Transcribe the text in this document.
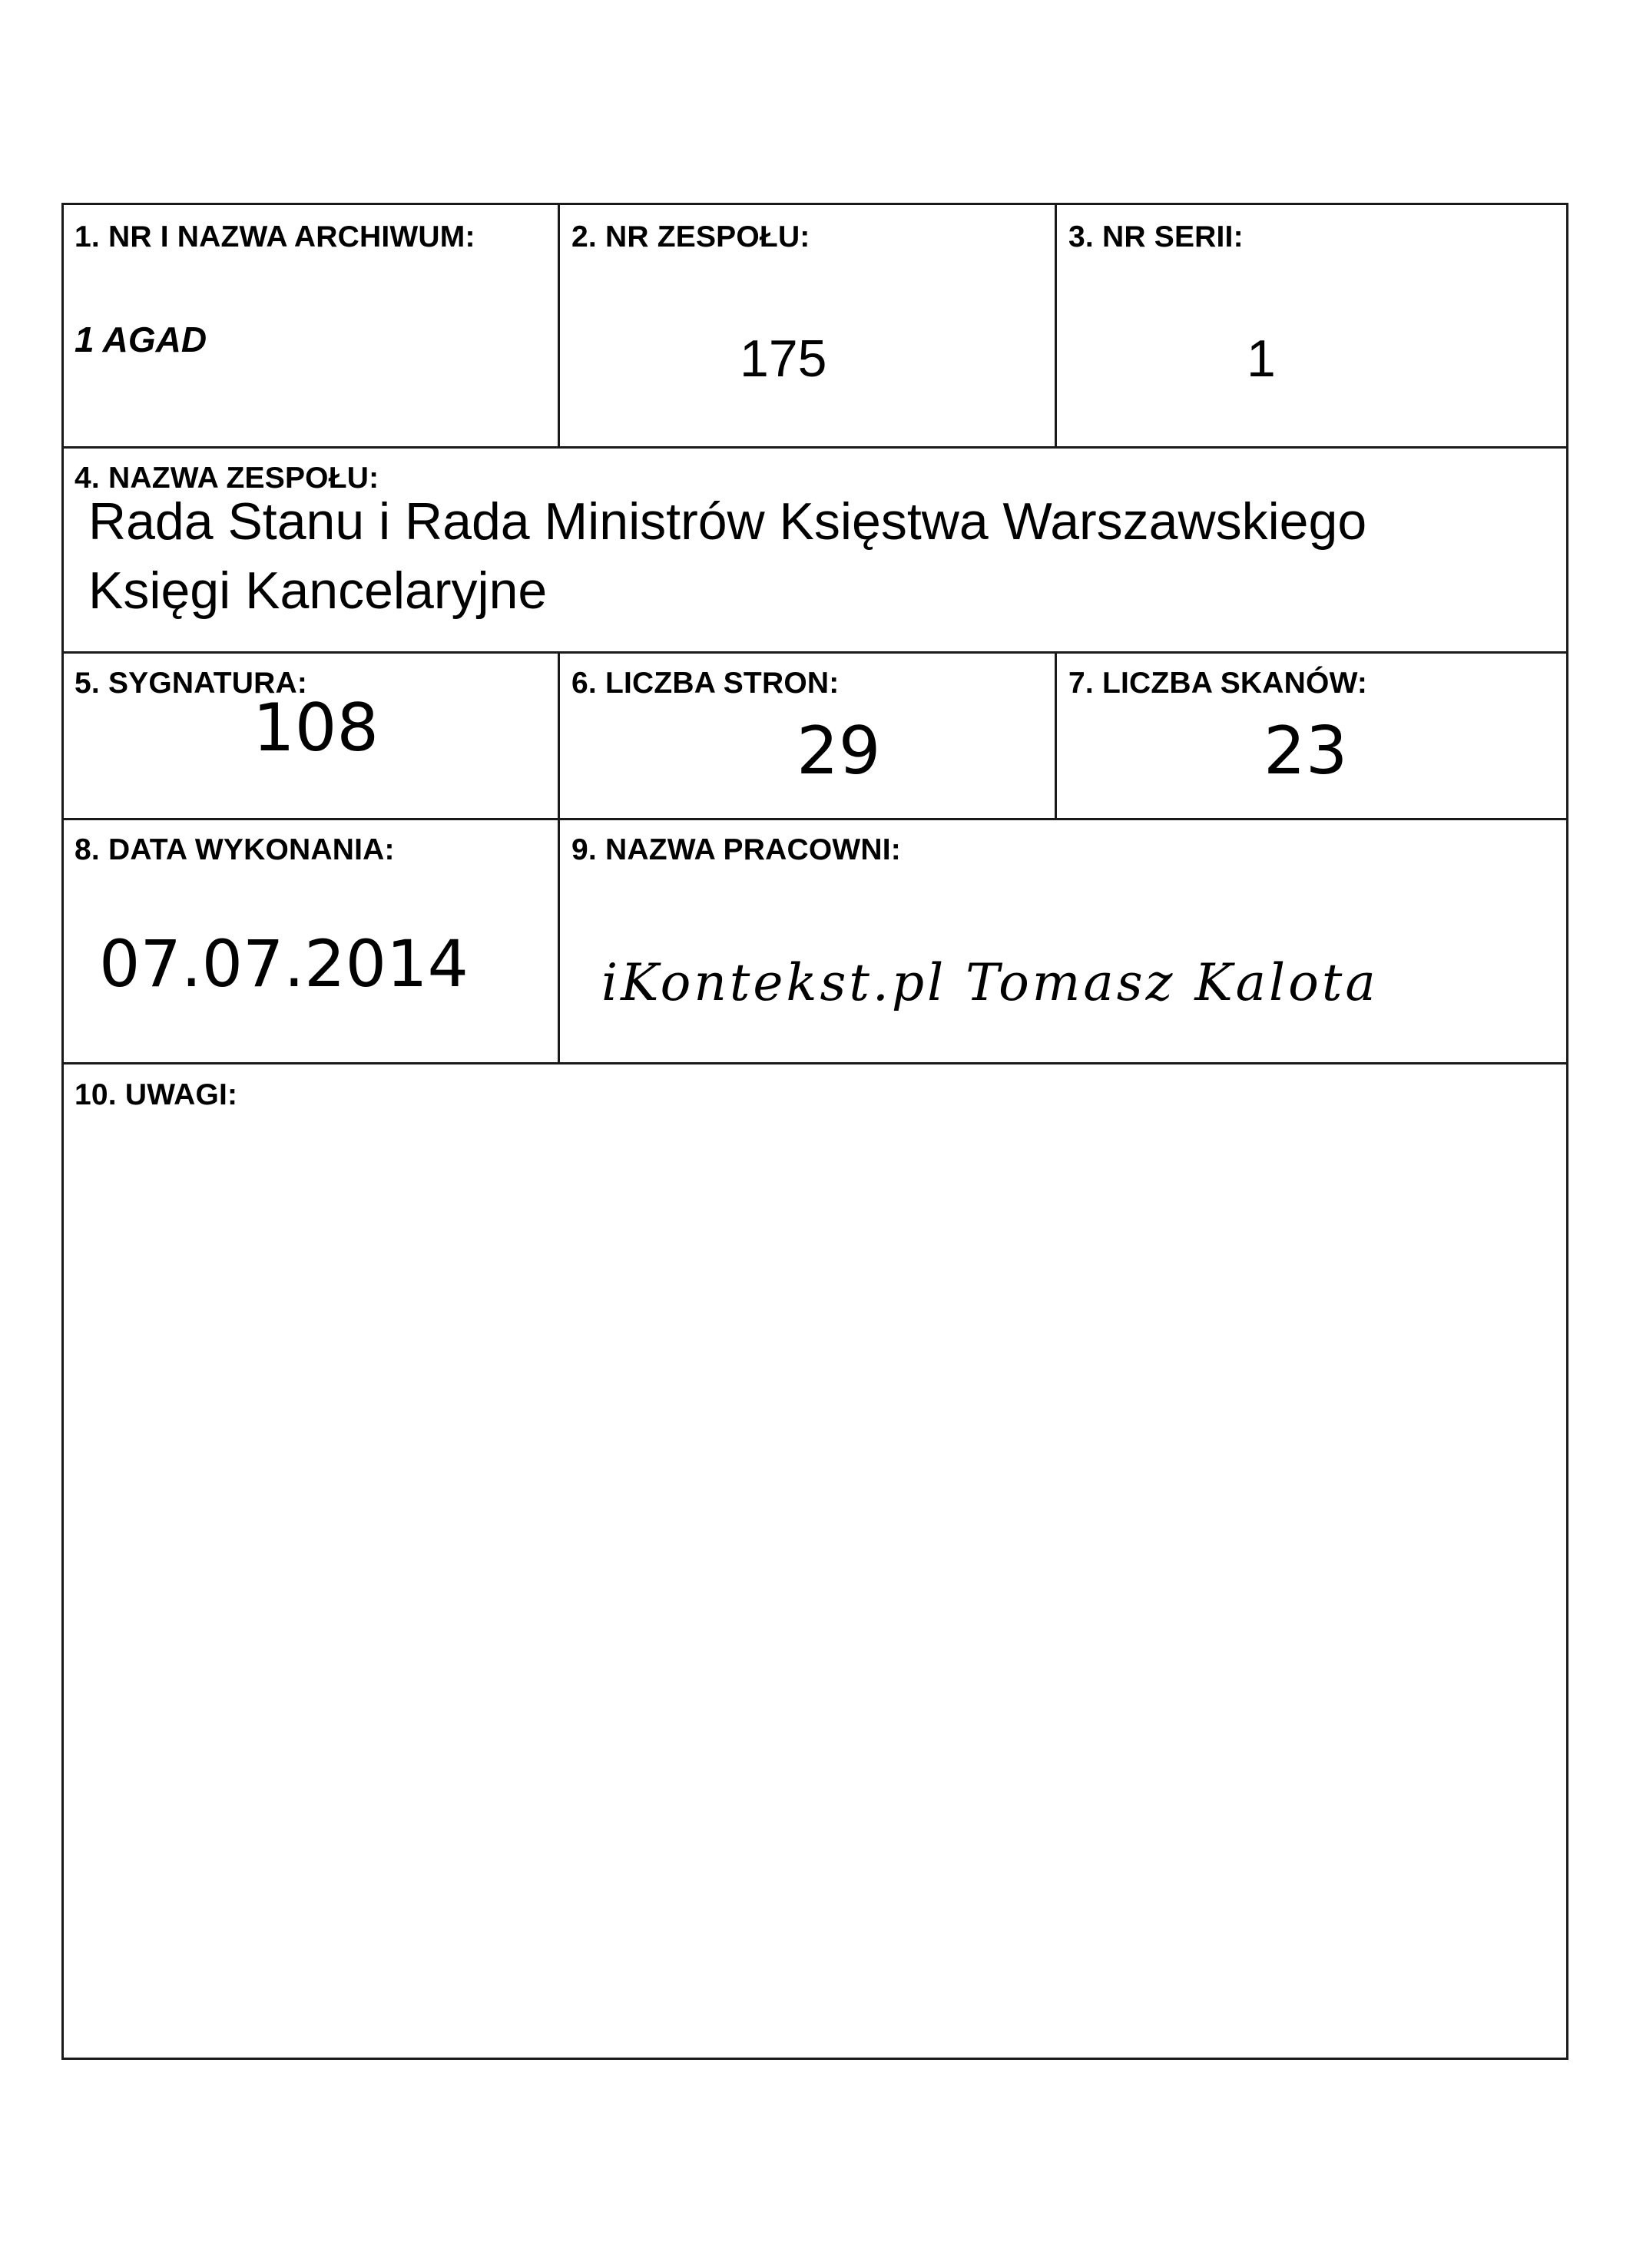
1. NR I NAZWA ARCHIWUM:
1 AGAD
2. NR ZESPOŁU:
175
3. NR SERII:
1
4. NAZWA ZESPOŁU:
Rada Stanu i Rada Ministrów Księstwa Warszawskiego
Księgi Kancelaryjne
5. SYGNATURA:
108
6. LICZBA STRON:
29
7. LICZBA SKANÓW:
23
8. DATA WYKONANIA:
07.07.2014
9. NAZWA PRACOWNI:
iKontekst.pl Tomasz Kalota
10. UWAGI:
